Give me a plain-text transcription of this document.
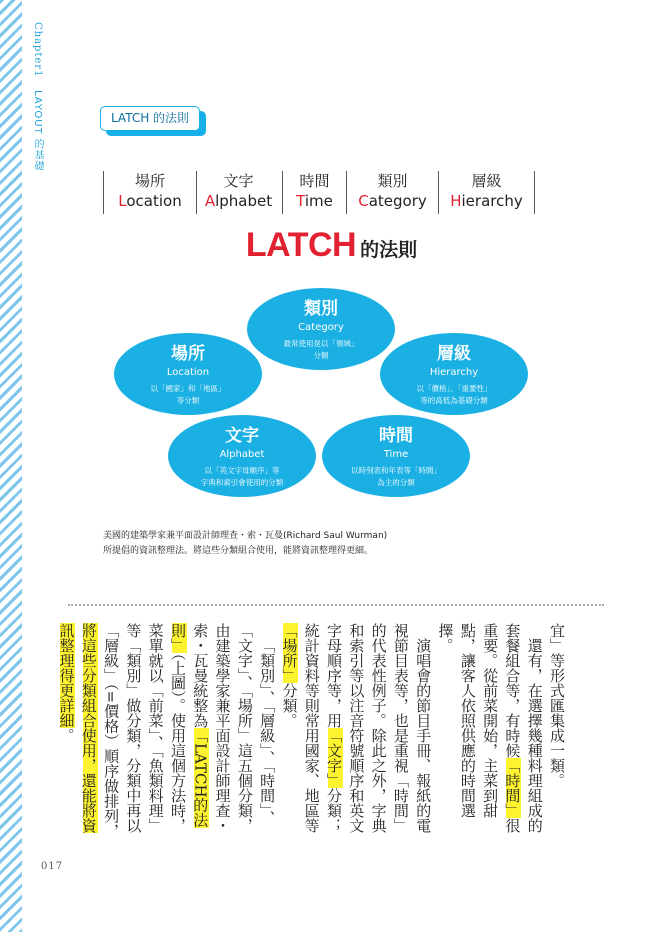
Chapter1 LAYOUT 的基礎	LATCH 的法則
場所
Location
文字
Alphabet
時間
Time
類別
Category
層級
Hierarchy
LATCH 的法則
類別
Category
最常使用是以「領域」
分類
場所
Location
以「國家」和「地區」
等分類
層級
Hierarchy
以「價格」、「重要性」
等的高低為基礎分類
文字
Alphabet
以「英文字母順序」等
字典和索引會使用的分類
時間
Time
以時刻表和年表等「時間」
為主的分類
美國的建築學家兼平面設計師理查・索・瓦曼(Richard Saul Wurman)
所提倡的資訊整理法。將這些分類組合使用，能將資訊整理得更細。

宜」等形式匯集成一類。

還有，在選擇幾種料理組成的套餐組合等，有時候「時間」很重要。從前菜開始，主菜到甜點，讓客人依照供應的時間選擇。

演唱會的節目手冊、報紙的電視節目表等，也是重視「時間」的代表性例子。除此之外，字典和索引等以注音符號順序和英文字母順序等，用「文字」分類；統計資料等則常用國家、地區等「場所」分類。

「類別」、「層級」、「時間」、「文字」、「場所」這五個分類，由建築學家兼平面設計師理查・索・瓦曼統整為「LATCH的法則」（上圖）。使用這個方法時，菜單就以「前菜」、「魚類料理」等「類別」做分類，分類中再以「層級」（=價格）順序做排列，將這些分類組合使用，還能將資訊整理得更詳細。

017
